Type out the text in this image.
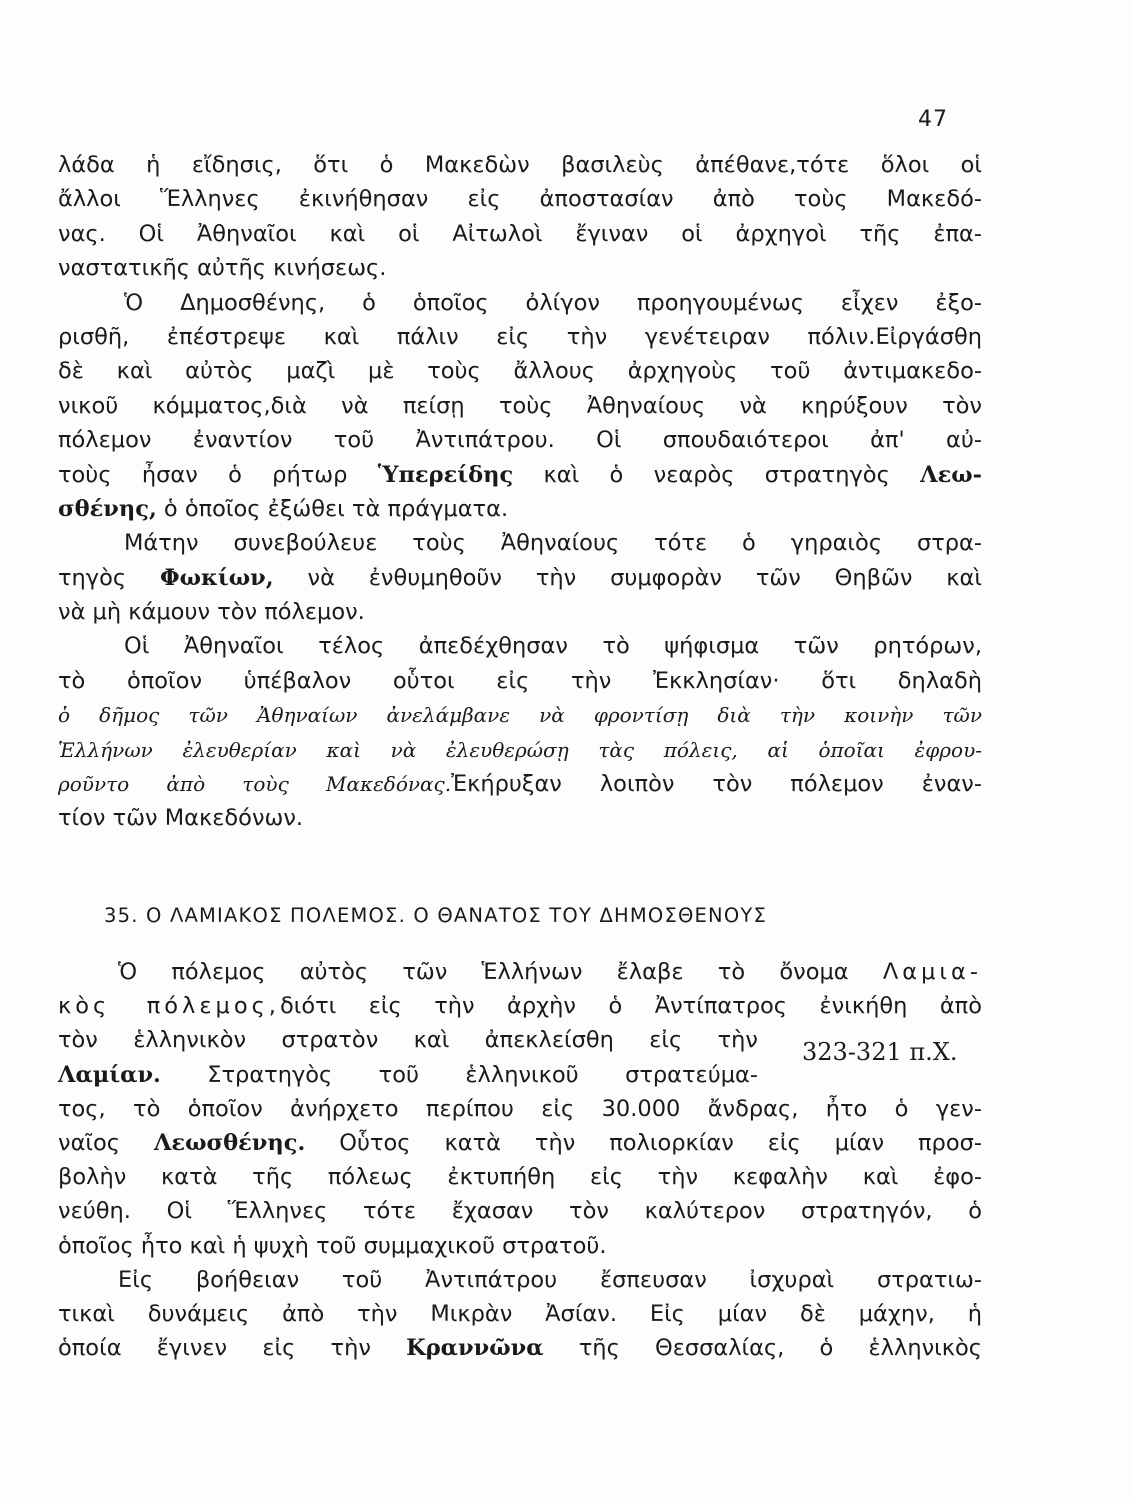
47
λάδα ἡ εἴδησις, ὅτι ὁ Μακεδὼν βασιλεὺς ἀπέθανε,τότε ὅλοι οἱ
ἄλλοι Ἕλληνες ἐκινήθησαν εἰς ἀποστασίαν ἀπὸ τοὺς Μακεδό-
νας. Οἱ Ἀθηναῖοι καὶ οἱ Αἰτωλοὶ ἔγιναν οἱ ἀρχηγοὶ τῆς ἐπα-
ναστατικῆς αὐτῆς κινήσεως.
Ὁ Δημοσθένης, ὁ ὁποῖος ὀλίγον προηγουμένως εἶχεν ἐξο-
ρισθῆ, ἐπέστρεψε καὶ πάλιν εἰς τὴν γενέτειραν πόλιν.Εἰργάσθη
δὲ καὶ αὐτὸς μαζὶ μὲ τοὺς ἄλλους ἀρχηγοὺς τοῦ ἀντιμακεδο-
νικοῦ κόμματος,διὰ νὰ πείσῃ τοὺς Ἀθηναίους νὰ κηρύξουν τὸν
πόλεμον ἐναντίον τοῦ Ἀντιπάτρου. Οἱ σπουδαιότεροι ἀπ' αὐ-
τοὺς ἦσαν ὁ ρήτωρ Ὑπερείδης καὶ ὁ νεαρὸς στρατηγὸς Λεω-
σθένης, ὁ ὁποῖος ἐξώθει τὰ πράγματα.
Μάτην συνεβούλευε τοὺς Ἀθηναίους τότε ὁ γηραιὸς στρα-
τηγὸς Φωκίων, νὰ ἐνθυμηθοῦν τὴν συμφορὰν τῶν Θηβῶν καὶ
νὰ μὴ κάμουν τὸν πόλεμον.
Οἱ Ἀθηναῖοι τέλος ἀπεδέχθησαν τὸ ψήφισμα τῶν ρητόρων,
τὸ ὁποῖον ὑπέβαλον οὗτοι εἰς τὴν Ἐκκλησίαν· ὅτι δηλαδὴ
ὁ δῆμος τῶν Ἀθηναίων ἀνελάμβανε νὰ φροντίσῃ διὰ τὴν κοινὴν τῶν
Ἑλλήνων ἐλευθερίαν καὶ νὰ ἐλευθερώσῃ τὰς πόλεις, αἱ ὁποῖαι ἐφρου-
ροῦντο ἀπὸ τοὺς Μακεδόνας.Ἐκήρυξαν λοιπὸν τὸν πόλεμον ἐναν-
τίον τῶν Μακεδόνων.
35. Ο ΛΑΜΙΑΚΟΣ ΠΟΛΕΜΟΣ. Ο ΘΑΝΑΤΟΣ ΤΟΥ ΔΗΜΟΣΘΕΝΟΥΣ
Ὁ πόλεμος αὐτὸς τῶν Ἑλλήνων ἔλαβε τὸ ὄνομα Λαμια-
κὸς πόλεμος,διότι εἰς τὴν ἀρχὴν ὁ Ἀντίπατρος ἐνικήθη ἀπὸ
τὸν ἑλληνικὸν στρατὸν καὶ ἀπεκλείσθη εἰς τὴν
Λαμίαν. Στρατηγὸς τοῦ ἑλληνικοῦ στρατεύμα-
τος, τὸ ὁποῖον ἀνήρχετο περίπου εἰς 30.000 ἄνδρας, ἦτο ὁ γεν-
ναῖος Λεωσθένης. Οὗτος κατὰ τὴν πολιορκίαν εἰς μίαν προσ-
βολὴν κατὰ τῆς πόλεως ἐκτυπήθη εἰς τὴν κεφαλὴν καὶ ἐφο-
νεύθη. Οἱ Ἕλληνες τότε ἔχασαν τὸν καλύτερον στρατηγόν, ὁ
ὁποῖος ἦτο καὶ ἡ ψυχὴ τοῦ συμμαχικοῦ στρατοῦ.
Εἰς βοήθειαν τοῦ Ἀντιπάτρου ἔσπευσαν ἰσχυραὶ στρατιω-
τικαὶ δυνάμεις ἀπὸ τὴν Μικρὰν Ἀσίαν. Εἰς μίαν δὲ μάχην, ἡ
ὁποία ἔγινεν εἰς τὴν Κραννῶνα τῆς Θεσσαλίας, ὁ ἑλληνικὸς
323-321 π.Χ.
